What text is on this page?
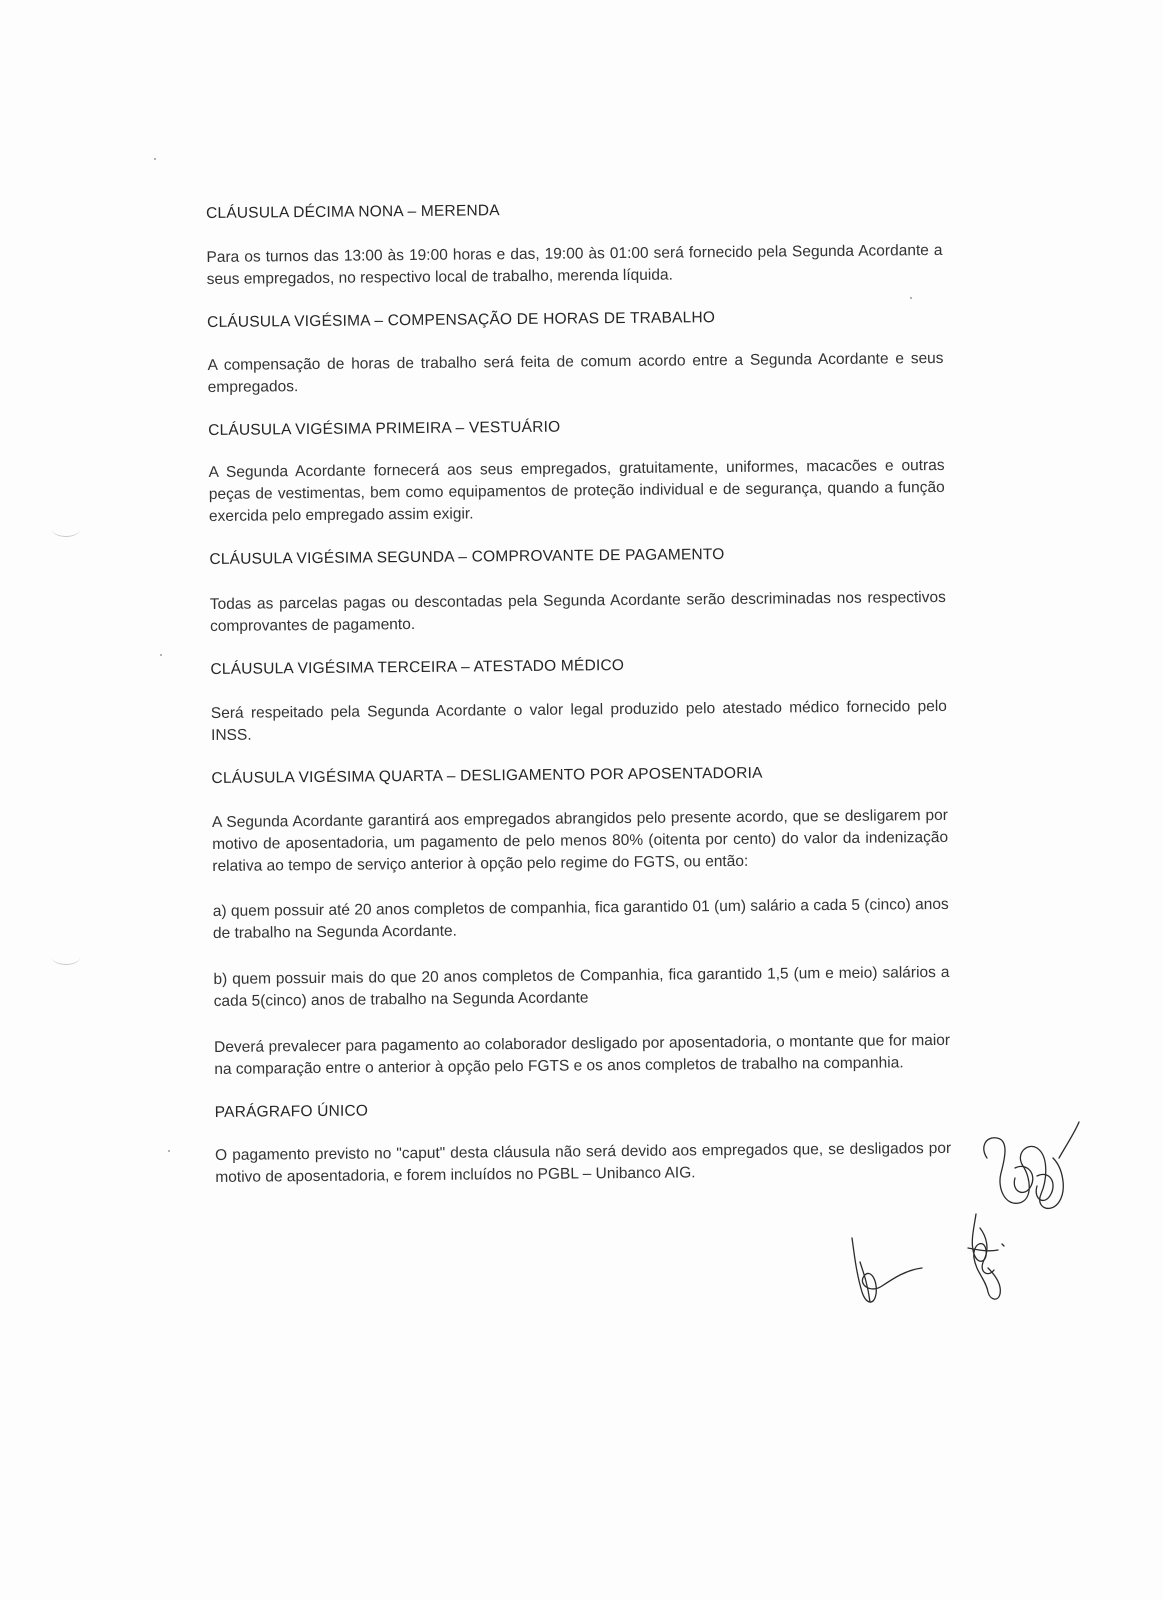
CLÁUSULA DÉCIMA NONA – MERENDA

Para os turnos das 13:00 às 19:00 horas e das, 19:00 às 01:00 será fornecido pela Segunda Acordante a seus empregados, no respectivo local de trabalho, merenda líquida.

CLÁUSULA VIGÉSIMA – COMPENSAÇÃO DE HORAS DE TRABALHO

A compensação de horas de trabalho será feita de comum acordo entre a Segunda Acordante e seus empregados.

CLÁUSULA VIGÉSIMA PRIMEIRA – VESTUÁRIO

A Segunda Acordante fornecerá aos seus empregados, gratuitamente, uniformes, macacões e outras peças de vestimentas, bem como equipamentos de proteção individual e de segurança, quando a função exercida pelo empregado assim exigir.

CLÁUSULA VIGÉSIMA SEGUNDA – COMPROVANTE DE PAGAMENTO

Todas as parcelas pagas ou descontadas pela Segunda Acordante serão descriminadas nos respectivos comprovantes de pagamento.

CLÁUSULA VIGÉSIMA TERCEIRA – ATESTADO MÉDICO

Será respeitado pela Segunda Acordante o valor legal produzido pelo atestado médico fornecido pelo INSS.

CLÁUSULA VIGÉSIMA QUARTA – DESLIGAMENTO POR APOSENTADORIA

A Segunda Acordante garantirá aos empregados abrangidos pelo presente acordo, que se desligarem por motivo de aposentadoria, um pagamento de pelo menos 80% (oitenta por cento) do valor da indenização relativa ao tempo de serviço anterior à opção pelo regime do FGTS, ou então:

a) quem possuir até 20 anos completos de companhia, fica garantido 01 (um) salário a cada 5 (cinco) anos de trabalho na Segunda Acordante.

b) quem possuir mais do que 20 anos completos de Companhia, fica garantido 1,5 (um e meio) salários a cada 5(cinco) anos de trabalho na Segunda Acordante

Deverá prevalecer para pagamento ao colaborador desligado por aposentadoria, o montante que for maior na comparação entre o anterior à opção pelo FGTS e os anos completos de trabalho na companhia.

PARÁGRAFO ÚNICO

O pagamento previsto no "caput" desta cláusula não será devido aos empregados que, se desligados por motivo de aposentadoria, e forem incluídos no PGBL – Unibanco AIG.
